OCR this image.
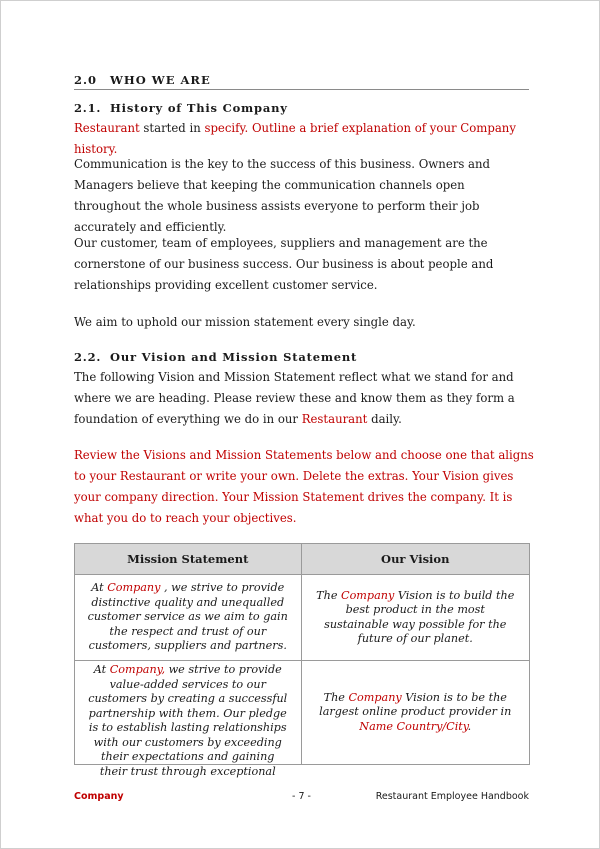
2.0 WHO WE ARE
2.1. History of This Company
Restaurant started in specify. Outline a brief explanation of your Company history.
Communication is the key to the success of this business. Owners and Managers believe that keeping the communication channels open throughout the whole business assists everyone to perform their job accurately and efficiently.
Our customer, team of employees, suppliers and management are the cornerstone of our business success. Our business is about people and relationships providing excellent customer service.
We aim to uphold our mission statement every single day.
2.2. Our Vision and Mission Statement
The following Vision and Mission Statement reflect what we stand for and where we are heading. Please review these and know them as they form a foundation of everything we do in our Restaurant daily.
Review the Visions and Mission Statements below and choose one that aligns to your Restaurant or write your own. Delete the extras. Your Vision gives your company direction. Your Mission Statement drives the company. It is what you do to reach your objectives.
Mission Statement	Our Vision
At Company , we strive to provide distinctive quality and unequalled customer service as we aim to gain the respect and trust of our customers, suppliers and partners.	The Company Vision is to build the best product in the most sustainable way possible for the future of our planet.

At Company, we strive to provide value-added services to our customers by creating a successful partnership with them. Our pledge is to establish lasting relationships with our customers by exceeding their expectations and gaining their trust through exceptional	The Company Vision is to be the largest online product provider in Name Country/City.
Company	- 7 -	Restaurant Employee Handbook
